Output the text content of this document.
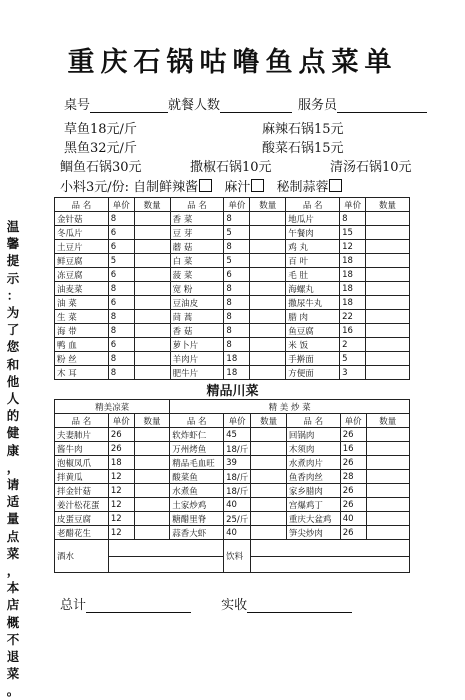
重庆石锅咕噜鱼点菜单
桌号	就餐人数	服务员
草鱼18元/斤	麻辣石锅15元
黑鱼32元/斤	酸菜石锅15元
鲴鱼石锅30元	撒椒石锅10元	清汤石锅10元
小料3元/份: 自制鲜辣酱 麻汁 秘制蒜蓉
温
馨
提
示
：
为
了
您
和
他
人
的
健
康
，
请
适
量
点
菜
，
本
店
概
不
退
菜
。
品 名	单价	数量	品 名	单价	数量	品 名	单价	数量
金针菇	8		香 菜	8		地瓜片	8	
冬瓜片	6		豆 芽	5		午餐肉	15	
土豆片	6		蘑 菇	8		鸡 丸	12	
鲜豆腐	5		白 菜	5		百 叶	18	
冻豆腐	6		菠 菜	6		毛 肚	18	
油麦菜	8		宽 粉	8		海螺丸	18	
油 菜	6		豆油皮	8		撒尿牛丸	18	
生 菜	8		茼 蒿	8		腊 肉	22	
海 带	8		香 菇	8		鱼豆腐	16	
鸭 血	6		萝卜片	8		米 饭	2	
粉 丝	8		羊肉片	18		手擀面	5	
木 耳	8		肥牛片	18		方便面	3	
精品川菜
精美凉菜			精 美 炒 菜					
品 名	单价	数量	品 名	单价	数量	品 名	单价	数量
夫妻肺片	26		软炸虾仁	45		回锅肉	26	
酱牛肉	26		万州烤鱼	18/斤		木须肉	16	
泡椒凤爪	18		精品毛血旺	39		水煮肉片	26	
拌黄瓜	12		酸菜鱼	18/斤		鱼香肉丝	28	
拌金针菇	12		水煮鱼	18/斤		家乡腊肉	26	
姜汁松花蛋	12		土家炒鸡	40		宫爆鸡丁	26	
皮蛋豆腐	12		糖醋里脊	25/斤		重庆大盆鸡	40	
老醋花生	12		蒜香大虾	40		笋尖炒肉	26	
酒水				饮料				

总计	实收
